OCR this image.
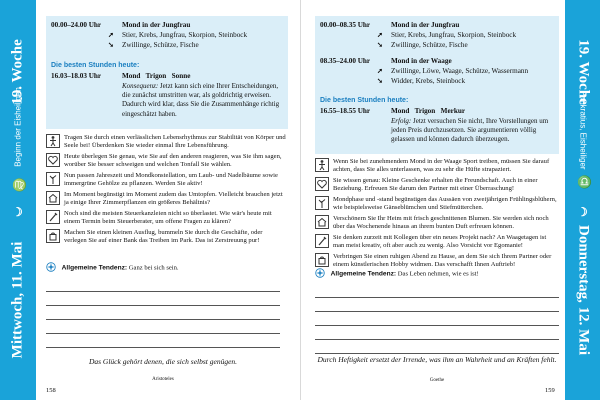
19. Woche
Beginn der Eisheiligen
♍
☽
Mittwoch, 11. Mai
00.00–24.00 Uhr	Mond in der Jungfrau
➚ Stier, Krebs, Jungfrau, Skorpion, Steinbock
➘ Zwillinge, Schütze, Fische
Die besten Stunden heute:
16.03–18.03 Uhr	Mond   Trigon   Sonne
Konsequenz: Jetzt kann sich eine Ihrer Entscheidungen, die zunächst umstritten war, als goldrichtig erweisen. Dadurch wird klar, dass Sie die Zusammenhänge richtig eingeschätzt haben.
Tragen Sie durch einen verlässlichen Lebensrhythmus zur Stabilität von Körper und Seele bei! Überdenken Sie wieder einmal Ihre Lebensführung.
Heute überlegen Sie genau, wie Sie auf den anderen reagieren, was Sie ihm sagen, worüber Sie besser schweigen und welchen Tonfall Sie wählen.
Nun passen Jahreszeit und Mondkonstellation, um Laub- und Nadelbäume sowie immergrüne Gehölze zu pflanzen. Werden Sie aktiv!
Im Moment begünstigt im Moment zudem das Umtopfen. Vielleicht brauchen jetzt ja einige Ihrer Zimmerpflanzen ein größeres Behältnis?
Noch sind die meisten Steuerkanzleien nicht so überlastet. Wie wär's heute mit einem Termin beim Steuerberater, um offene Fragen zu klären?
Machen Sie einen kleinen Ausflug, bummeln Sie durch die Geschäfte, oder verlegen Sie auf einer Bank das Treiben im Park. Das ist Zerstreuung pur!
Allgemeine Tendenz: Ganz bei sich sein.
Das Glück gehört denen, die sich selbst genügen.
Aristoteles
158
00.00–08.35 Uhr	Mond in der Jungfrau
➚ Stier, Krebs, Jungfrau, Skorpion, Steinbock
➘ Zwillinge, Schütze, Fische
08.35–24.00 Uhr	Mond in der Waage
➚ Zwillinge, Löwe, Waage, Schütze, Wassermann
➘ Widder, Krebs, Steinbock
Die besten Stunden heute:
16.55–18.55 Uhr	Mond   Trigon   Merkur
Erfolg: Jetzt versuchen Sie nicht, Ihre Vorstellungen um jeden Preis durchzusetzen. Sie argumentieren völlig gelassen und können dadurch überzeugen.
Wenn Sie bei zunehmendem Mond in der Waage Sport treiben, müssen Sie darauf achten, dass Sie alles unterlassen, was zu sehr die Hüfte strapaziert.
Sie wissen genau: Kleine Geschenke erhalten die Freundschaft. Auch in einer Beziehung. Erfreuen Sie darum den Partner mit einer Überraschung!
Mondphase und -stand begünstigen das Aussäen von zweijährigen Frühlingsblühern, wie beispielsweise Gänseblümchen und Stiefmütterchen.
Verschönern Sie Ihr Heim mit frisch geschnittenen Blumen. Sie werden sich noch über das Wochenende hinaus an ihrem bunten Duft erfreuen können.
Sie denken zurzeit mit Kollegen über ein neues Projekt nach? An Waagetagen ist man meist kreativ, oft aber auch zu wenig. Also Vorsicht vor Egomanie!
Verbringen Sie einen ruhigen Abend zu Hause, an dem Sie sich Ihrem Partner oder einem künstlerischen Hobby widmen. Das verschafft Ihnen Auftrieb!
Allgemeine Tendenz: Das Leben nehmen, wie es ist!
Durch Heftigkeit ersetzt der Irrende, was ihm an Wahrheit und an Kräften fehlt.
Goethe
159
19. Woche
Pankratius, Eisheiliger
♎
☽
Donnerstag, 12. Mai
